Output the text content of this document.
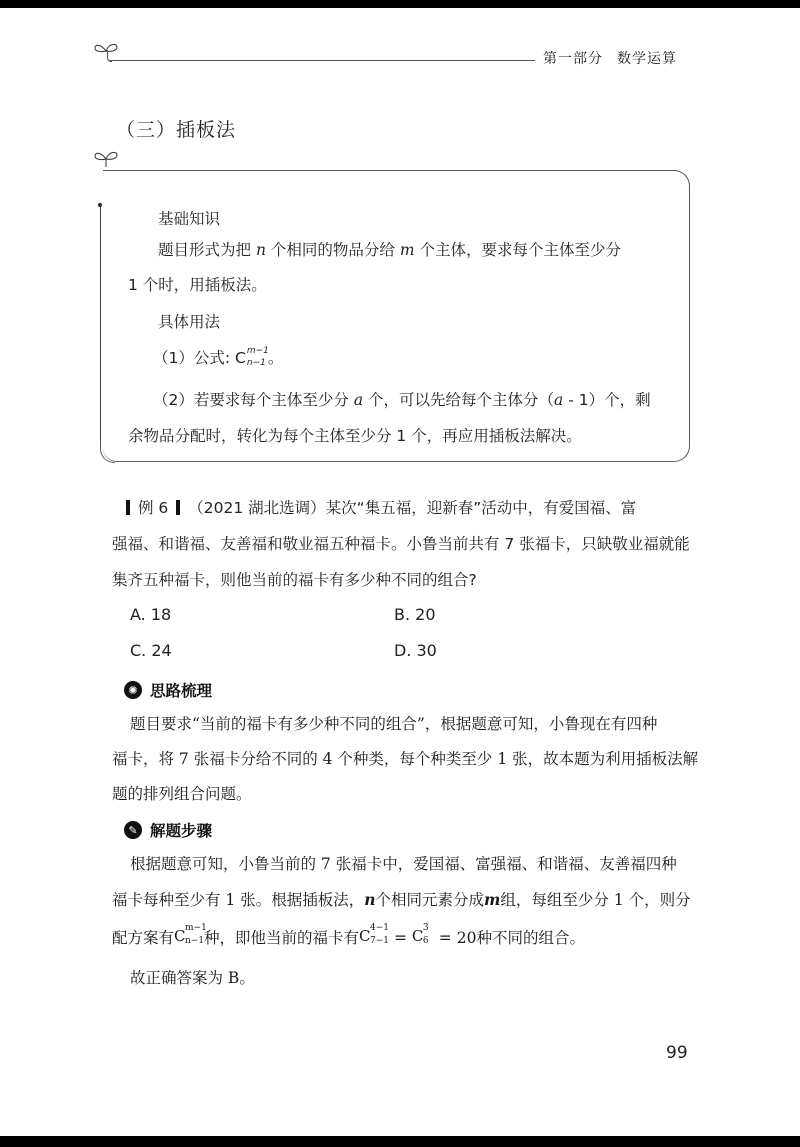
第一部分 数学运算
（三）插板法
基础知识
题目形式为把 n 个相同的物品分给 m 个主体，要求每个主体至少分
1 个时，用插板法。
具体用法
（1）公式: C m−1
n−1 。
（2）若要求每个主体至少分 a 个，可以先给每个主体分（a - 1）个，剩
余物品分配时，转化为每个主体至少分 1 个，再应用插板法解决。
例 6 （2021 湖北选调）某次“集五福，迎新春”活动中，有爱国福、富
强福、和谐福、友善福和敬业福五种福卡。小鲁当前共有 7 张福卡，只缺敬业福就能
集齐五种福卡，则他当前的福卡有多少种不同的组合?
A. 18	B. 20
C. 24	D. 30
✺ 思路梳理
题目要求“当前的福卡有多少种不同的组合”，根据题意可知，小鲁现在有四种
福卡，将 7 张福卡分给不同的 4 个种类，每个种类至少 1 张，故本题为利用插板法解
题的排列组合问题。
✎ 解题步骤
根据题意可知，小鲁当前的 7 张福卡中，爱国福、富强福、和谐福、友善福四种
福卡每种至少有 1 张。根据插板法，n个相同元素分成m组，每组至少分 1 个，则分
配方案有 C m−1
n−1 种，即他当前的福卡有 C 4−1
7−1 = C 3
6 = 20种不同的组合。
故正确答案为 B。
99
